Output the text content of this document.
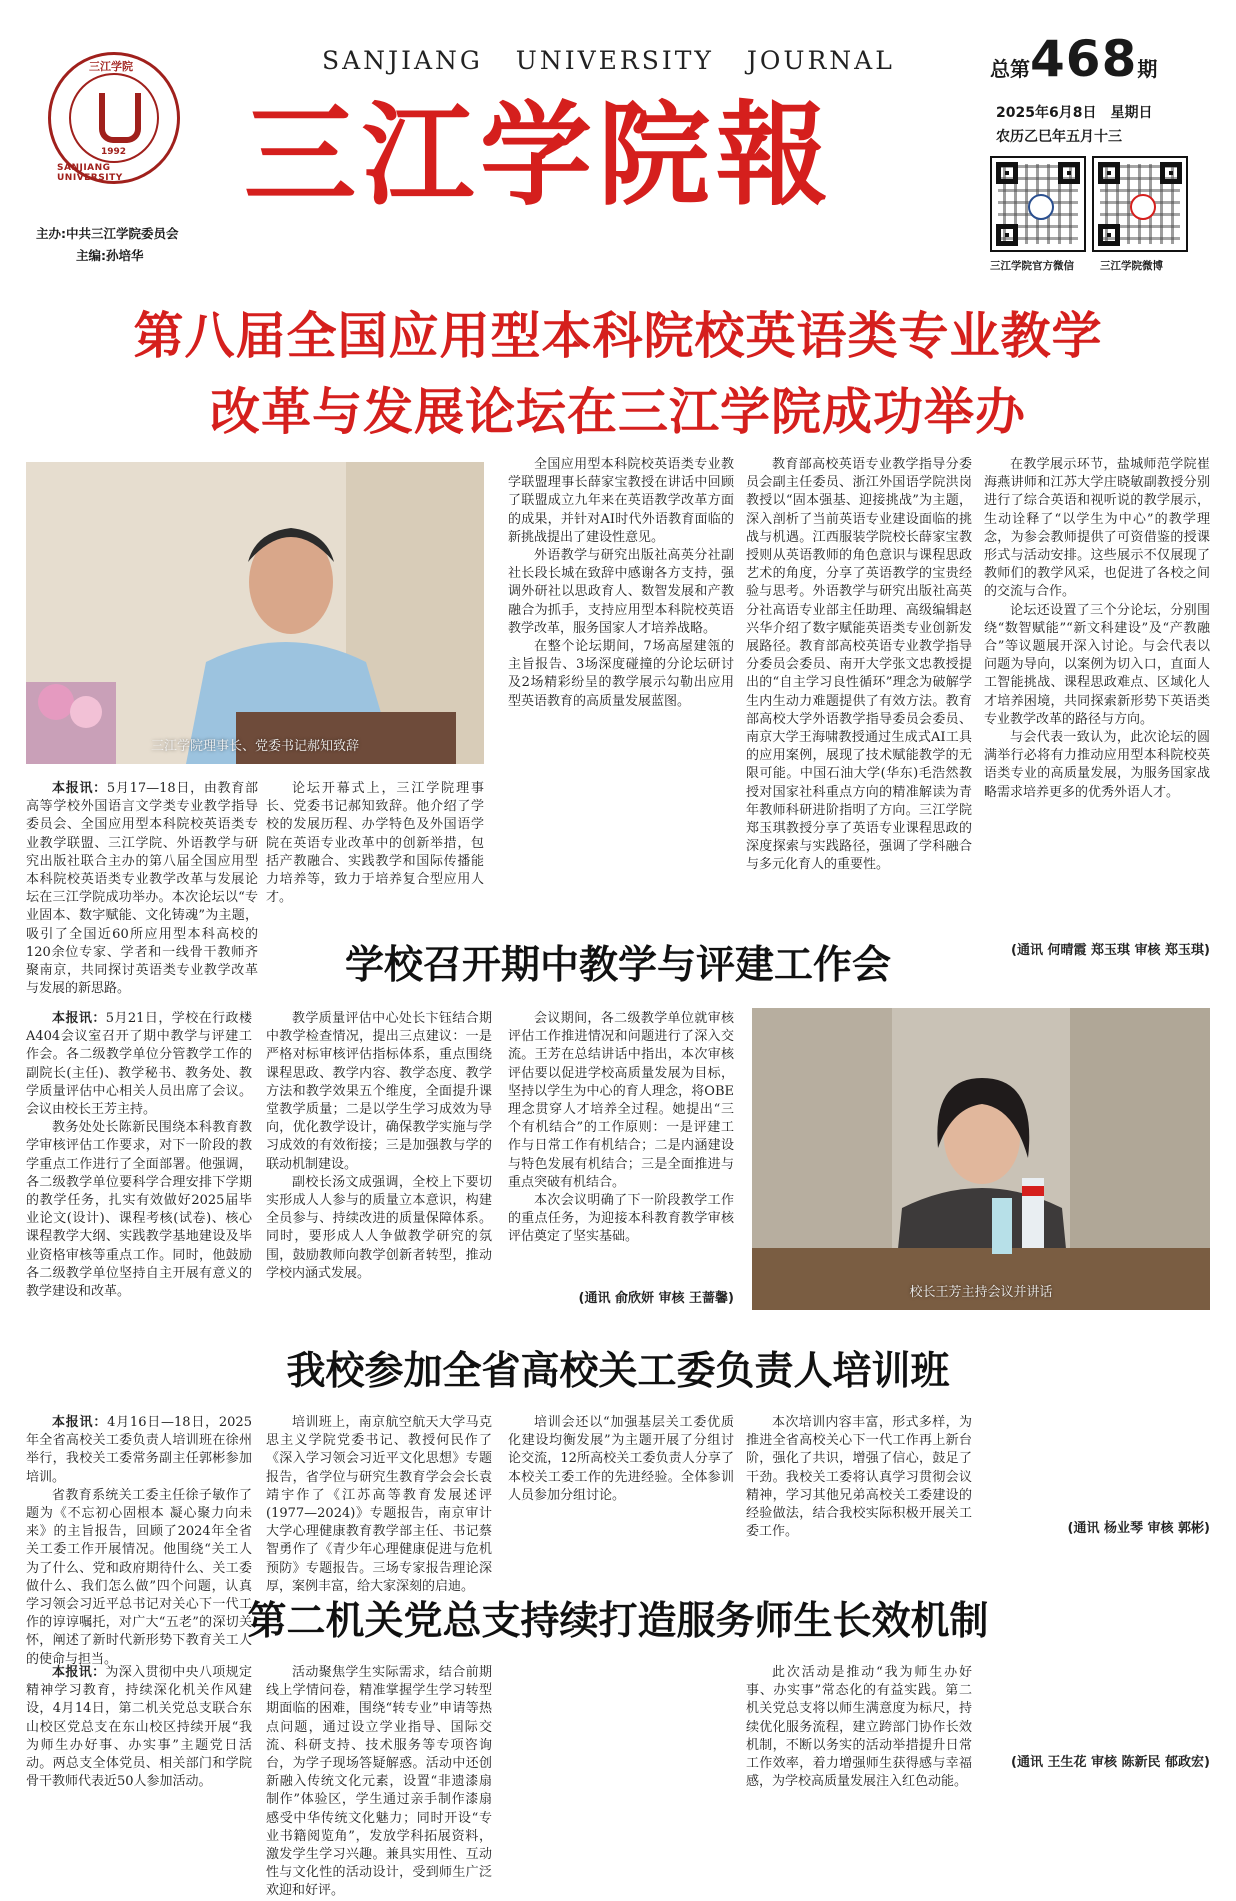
三江学院
1992
SANJIANG UNIVERSITY
SANJIANG UNIVERSITY JOURNAL
三江学院報
主办:中共三江学院委员会
主编:孙培华
总第468期
2025年6月8日　星期日
农历乙巳年五月十三
三江学院官方微信 三江学院微博
第八届全国应用型本科院校英语类专业教学
改革与发展论坛在三江学院成功举办
三江学院理事长、党委书记郝知致辞

本报讯：5月17—18日，由教育部高等学校外国语言文学类专业教学指导委员会、全国应用型本科院校英语类专业教学联盟、三江学院、外语教学与研究出版社联合主办的第八届全国应用型本科院校英语类专业教学改革与发展论坛在三江学院成功举办。本次论坛以“专业固本、数字赋能、文化铸魂”为主题，吸引了全国近60所应用型本科高校的120余位专家、学者和一线骨干教师齐聚南京，共同探讨英语类专业教学改革与发展的新思路。

论坛开幕式上，三江学院理事长、党委书记郝知致辞。他介绍了学校的发展历程、办学特色及外国语学院在英语专业改革中的创新举措，包括产教融合、实践教学和国际传播能力培养等，致力于培养复合型应用人才。

全国应用型本科院校英语类专业教学联盟理事长薛家宝教授在讲话中回顾了联盟成立九年来在英语教学改革方面的成果，并针对AI时代外语教育面临的新挑战提出了建设性意见。

外语教学与研究出版社高英分社副社长段长城在致辞中感谢各方支持，强调外研社以思政育人、数智发展和产教融合为抓手，支持应用型本科院校英语教学改革，服务国家人才培养战略。

在整个论坛期间，7场高屋建瓴的主旨报告、3场深度碰撞的分论坛研讨及2场精彩纷呈的教学展示勾勒出应用型英语教育的高质量发展蓝图。

教育部高校英语专业教学指导分委员会副主任委员、浙江外国语学院洪岗教授以“固本强基、迎接挑战”为主题，深入剖析了当前英语专业建设面临的挑战与机遇。江西服装学院校长薛家宝教授则从英语教师的角色意识与课程思政艺术的角度，分享了英语教学的宝贵经验与思考。外语教学与研究出版社高英分社高语专业部主任助理、高级编辑赵兴华介绍了数字赋能英语类专业创新发展路径。教育部高校英语专业教学指导分委员会委员、南开大学张文忠教授提出的“自主学习良性循环”理念为破解学生内生动力难题提供了有效方法。教育部高校大学外语教学指导委员会委员、南京大学王海啸教授通过生成式AI工具的应用案例，展现了技术赋能教学的无限可能。中国石油大学(华东)毛浩然教授对国家社科重点方向的精准解读为青年教师科研进阶指明了方向。三江学院郑玉琪教授分享了英语专业课程思政的深度探索与实践路径，强调了学科融合与多元化育人的重要性。

在教学展示环节，盐城师范学院崔海燕讲师和江苏大学庄晓敏副教授分别进行了综合英语和视听说的教学展示，生动诠释了“以学生为中心”的教学理念，为参会教师提供了可资借鉴的授课形式与活动安排。这些展示不仅展现了教师们的教学风采，也促进了各校之间的交流与合作。

论坛还设置了三个分论坛，分别围绕“数智赋能”“新文科建设”及“产教融合”等议题展开深入讨论。与会代表以问题为导向，以案例为切入口，直面人工智能挑战、课程思政难点、区域化人才培养困境，共同探索新形势下英语类专业教学改革的路径与方向。

与会代表一致认为，此次论坛的圆满举行必将有力推动应用型本科院校英语类专业的高质量发展，为服务国家战略需求培养更多的优秀外语人才。

(通讯 何晴霞 郑玉琪 审核 郑玉琪)

学校召开期中教学与评建工作会

本报讯：5月21日，学校在行政楼A404会议室召开了期中教学与评建工作会。各二级教学单位分管教学工作的副院长(主任)、教学秘书、教务处、教学质量评估中心相关人员出席了会议。会议由校长王芳主持。

教务处处长陈新民围绕本科教育教学审核评估工作要求，对下一阶段的教学重点工作进行了全面部署。他强调，各二级教学单位要科学合理安排下学期的教学任务，扎实有效做好2025届毕业论文(设计)、课程考核(试卷)、核心课程教学大纲、实践教学基地建设及毕业资格审核等重点工作。同时，他鼓励各二级教学单位坚持自主开展有意义的教学建设和改革。

教学质量评估中心处长卞钰结合期中教学检查情况，提出三点建议：一是严格对标审核评估指标体系，重点围绕课程思政、教学内容、教学态度、教学方法和教学效果五个维度，全面提升课堂教学质量；二是以学生学习成效为导向，优化教学设计，确保教学实施与学习成效的有效衔接；三是加强教与学的联动机制建设。

副校长汤文成强调，全校上下要切实形成人人参与的质量立本意识，构建全员参与、持续改进的质量保障体系。同时，要形成人人争做教学研究的氛围，鼓励教师向教学创新者转型，推动学校内涵式发展。

会议期间，各二级教学单位就审核评估工作推进情况和问题进行了深入交流。王芳在总结讲话中指出，本次审核评估要以促进学校高质量发展为目标，坚持以学生为中心的育人理念，将OBE理念贯穿人才培养全过程。她提出“三个有机结合”的工作原则：一是评建工作与日常工作有机结合；二是内涵建设与特色发展有机结合；三是全面推进与重点突破有机结合。

本次会议明确了下一阶段教学工作的重点任务，为迎接本科教育教学审核评估奠定了坚实基础。

(通讯 俞欣妍 审核 王蔷馨)	校长王芳主持会议并讲话
我校参加全省高校关工委负责人培训班

本报讯：4月16日—18日，2025年全省高校关工委负责人培训班在徐州举行，我校关工委常务副主任郭彬参加培训。

省教育系统关工委主任徐子敏作了题为《不忘初心固根本 凝心聚力向未来》的主旨报告，回顾了2024年全省关工委工作开展情况。他围绕“关工人为了什么、党和政府期待什么、关工委做什么、我们怎么做”四个问题，认真学习领会习近平总书记对关心下一代工作的谆谆嘱托，对广大“五老”的深切关怀，阐述了新时代新形势下教育关工人的使命与担当。

培训班上，南京航空航天大学马克思主义学院党委书记、教授何民作了《深入学习领会习近平文化思想》专题报告，省学位与研究生教育学会会长袁靖宇作了《江苏高等教育发展述评(1977—2024)》专题报告，南京审计大学心理健康教育教学部主任、书记蔡智勇作了《青少年心理健康促进与危机预防》专题报告。三场专家报告理论深厚，案例丰富，给大家深刻的启迪。

培训会还以“加强基层关工委优质化建设均衡发展”为主题开展了分组讨论交流，12所高校关工委负责人分享了本校关工委工作的先进经验。全体参训人员参加分组讨论。

本次培训内容丰富，形式多样，为推进全省高校关心下一代工作再上新台阶，强化了共识，增强了信心，鼓足了干劲。我校关工委将认真学习贯彻会议精神，学习其他兄弟高校关工委建设的经验做法，结合我校实际积极开展关工委工作。	(通讯 杨业琴 审核 郭彬)

第二机关党总支持续打造服务师生长效机制

本报讯：为深入贯彻中央八项规定精神学习教育，持续深化机关作风建设，4月14日，第二机关党总支联合东山校区党总支在东山校区持续开展“我为师生办好事、办实事”主题党日活动。两总支全体党员、相关部门和学院骨干教师代表近50人参加活动。

活动聚焦学生实际需求，结合前期线上学情问卷，精准掌握学生学习转型期面临的困难，围绕“转专业”申请等热点问题，通过设立学业指导、国际交流、科研支持、技术服务等专项咨询台，为学子现场答疑解惑。活动中还创新融入传统文化元素，设置“非遗漆扇制作”体验区，学生通过亲手制作漆扇感受中华传统文化魅力；同时开设“专业书籍阅览角”，发放学科拓展资料，激发学生学习兴趣。兼具实用性、互动性与文化性的活动设计，受到师生广泛欢迎和好评。

此次活动是推动“我为师生办好事、办实事”常态化的有益实践。第二机关党总支将以师生满意度为标尺，持续优化服务流程，建立跨部门协作长效机制，不断以务实的活动举措提升日常工作效率，着力增强师生获得感与幸福感，为学校高质量发展注入红色动能。

(通讯 王生花 审核 陈新民 郁政宏)
